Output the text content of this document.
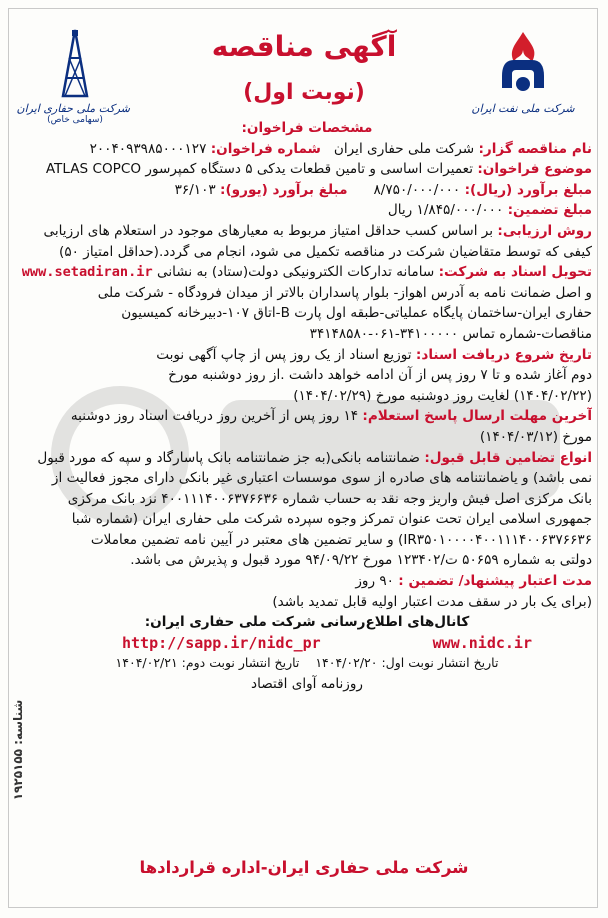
شرکت ملی نفت ایران
شرکت ملی حفاری ایران
(سهامی خاص)
آگهی مناقصه
(نوبت اول)
مشخصات فراخوان:
نام مناقصه گزار: شرکت ملی حفاری ایران   شماره فراخوان: ۲۰۰۴۰۹۳۹۸۵۰۰۰۱۲۷
موضوع فراخوان: تعمیرات اساسی و تامین قطعات یدکی ۵ دستگاه کمپرسور ATLAS COPCO
مبلغ برآورد (ریال): ۸/۷۵۰/۰۰۰/۰۰۰      مبلغ برآورد (یورو): ۳۶/۱۰۳
مبلغ تضمین: ۱/۸۴۵/۰۰۰/۰۰۰ ریال
روش ارزیابی: بر اساس کسب حداقل امتیاز مربوط به معیارهای موجود در استعلام های ارزیابی
کیفی که توسط متقاضیان شرکت در مناقصه تکمیل می شود، انجام می گردد.(حداقل امتیاز ۵۰)
تحویل اسناد به شرکت: سامانه تدارکات الکترونیکی دولت(ستاد) به نشانی www.setadiran.ir
و اصل ضمانت نامه به آدرس اهواز- بلوار پاسداران بالاتر از میدان فرودگاه - شرکت ملی
حفاری ایران-ساختمان پایگاه عملیاتی-طبقه اول پارت B-اتاق ۱۰۷-دبیرخانه کمیسیون
مناقصات-شماره تماس ۳۴۱۰۰۰۰۰-۰۶۱-۳۴۱۴۸۵۸۰
تاریخ شروع دریافت اسناد: توزیع اسناد از یک روز پس از چاپ آگهی نوبت
دوم آغاز شده و تا ۷ روز پس از آن ادامه خواهد داشت .از روز دوشنبه مورخ
(۱۴۰۴/۰۲/۲۲) لغایت روز دوشنبه مورخ (۱۴۰۴/۰۲/۲۹)
آخرین مهلت ارسال پاسخ استعلام: ۱۴ روز پس از آخرین روز دریافت اسناد روز دوشنبه
مورخ (۱۴۰۴/۰۳/۱۲)
انواع تضامین قابل قبول: ضمانتنامه بانکی(به جز ضمانتنامه بانک پاسارگاد و سپه که مورد قبول
نمی باشد) و یاضمانتنامه های صادره از سوی موسسات اعتباری غیر بانکی دارای مجوز فعالیت از
بانک مرکزی اصل فیش واریز وجه نقد به حساب شماره ۴۰۰۱۱۱۴۰۰۶۳۷۶۶۳۶ نزد بانک مرکزی
جمهوری اسلامی ایران تحت عنوان تمرکز وجوه سپرده شرکت ملی حفاری ایران (شماره شبا
IR۳۵۰۱۰۰۰۰۴۰۰۱۱۱۴۰۰۶۳۷۶۶۳۶) و سایر تضمین های معتبر در آیین نامه تضمین معاملات
دولتی به شماره ۵۰۶۵۹ ت/۱۲۳۴۰۲ مورخ ۹۴/۰۹/۲۲ مورد قبول و پذیرش می باشد.
مدت اعتبار پیشنهاد/ تضمین : ۹۰ روز
(برای یک بار در سقف مدت اعتبار اولیه قابل تمدید باشد)
کانال‌های اطلاع‌رسانی شرکت ملی حفاری ایران:
http://sapp.ir/nidc_pr	www.nidc.ir
تاریخ انتشار نوبت اول: ۱۴۰۴/۰۲/۲۰    تاریخ انتشار نوبت دوم: ۱۴۰۴/۰۲/۲۱
روزنامه آوای اقتصاد
شرکت ملی حفاری ایران-اداره قراردادها
شناسه: ۱۹۲۵۱۵۵
